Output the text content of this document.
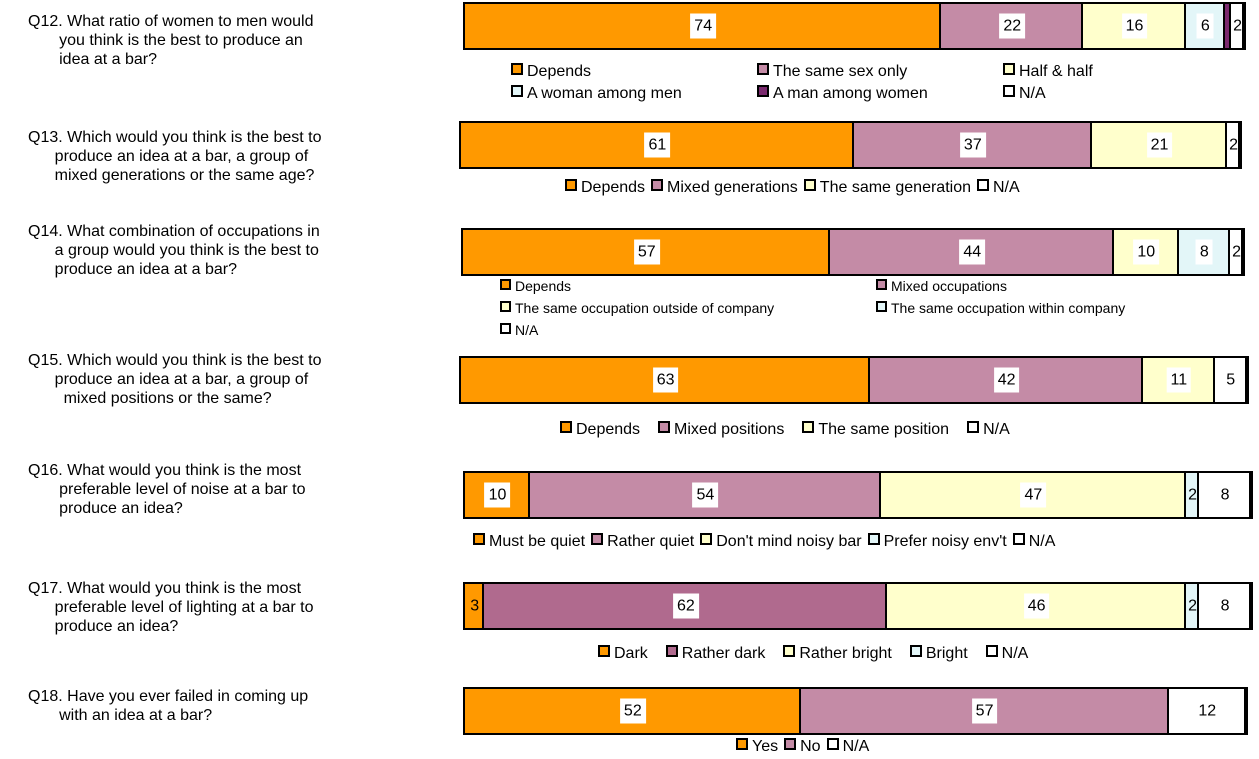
Q12. What ratio of women to men would
you think is the best to produce an
idea at a bar?
74	22	16	6 2
Depends	The same sex only	Half & half
A woman among men	A man among women	N/A
Q13. Which would you think is the best to
produce an idea at a bar, a group of
mixed generations or the same age?
61	37	21	2
Depends	Mixed generations	The same generation	N/A
Q14. What combination of occupations in
a group would you think is the best to
produce an idea at a bar?
57	44	10	8 2
Depends	Mixed occupations
The same occupation outside of company	The same occupation within company
N/A
Q15. Which would you think is the best to
produce an idea at a bar, a group of
mixed positions or the same?
63	42	11 5
Depends	Mixed positions	The same position	N/A
Q16. What would you think is the most
preferable level of noise at a bar to
produce an idea?
10	54	47	2 8
Must be quiet	Rather quiet	Don't mind noisy bar	Prefer noisy env't	N/A
Q17. What would you think is the most
preferable level of lighting at a bar to
produce an idea?
3	62	46	2 8
Dark	Rather dark	Rather bright	Bright	N/A
Q18. Have you ever failed in coming up
with an idea at a bar?	52	57	12
Yes	No	N/A
